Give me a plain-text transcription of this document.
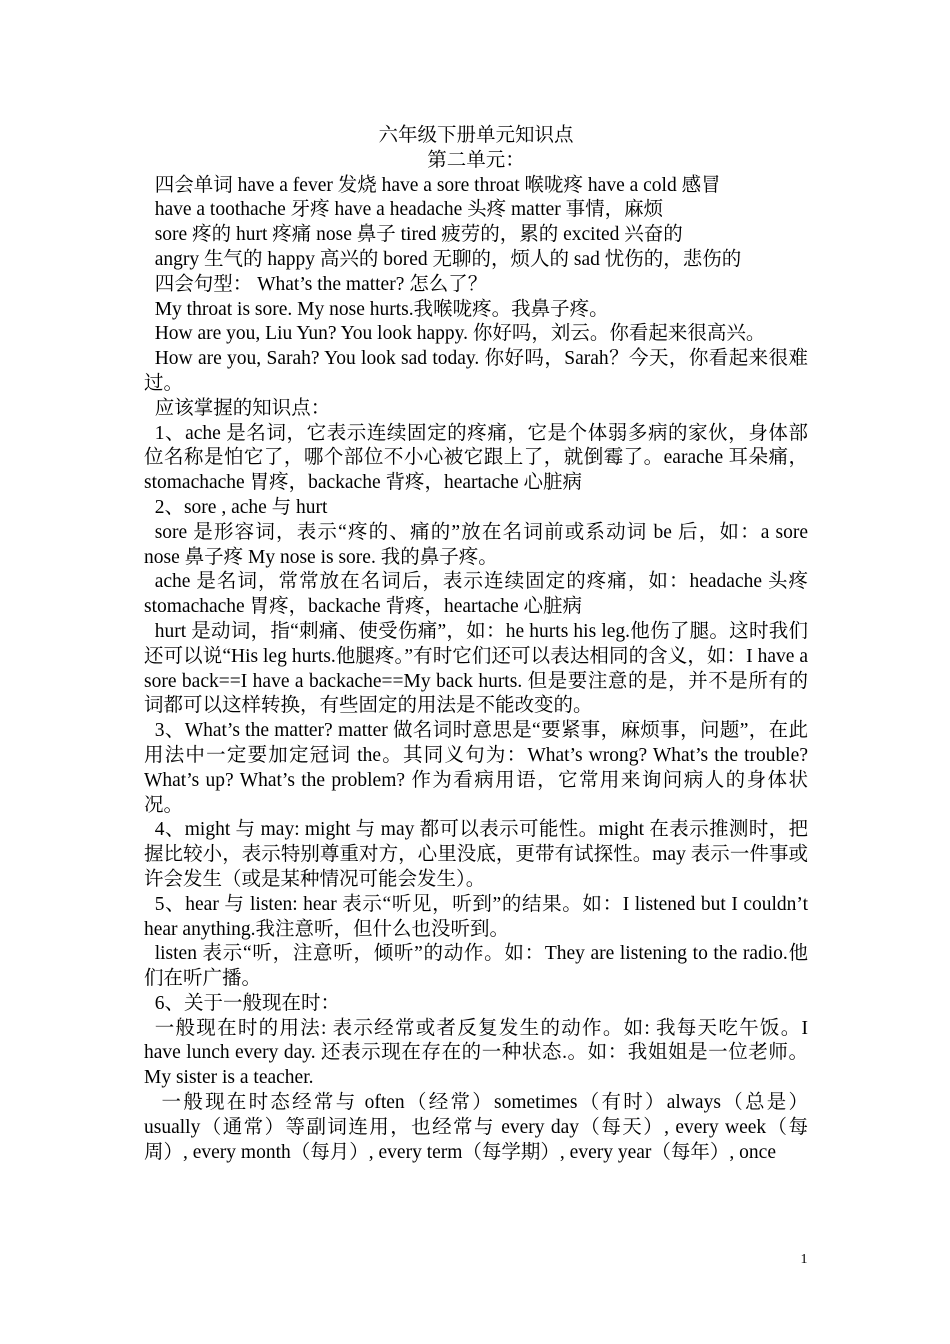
六年级下册单元知识点

第二单元：

四会单词 have a fever 发烧 have a sore throat 喉咙疼 have a cold 感冒

have a toothache 牙疼 have a headache 头疼 matter 事情，麻烦

sore 疼的 hurt 疼痛 nose 鼻子 tired 疲劳的，累的 excited 兴奋的

angry 生气的 happy 高兴的 bored 无聊的，烦人的 sad 忧伤的，悲伤的

四会句型： What’s the matter? 怎么了？

My throat is sore. My nose hurts.我喉咙疼。我鼻子疼。

How are you, Liu Yun? You look happy. 你好吗，刘云。你看起来很高兴。

How are you, Sarah? You look sad today. 你好吗，Sarah？今天，你看起来很难过。

应该掌握的知识点：

1、ache 是名词，它表示连续固定的疼痛，它是个体弱多病的家伙，身体部位名称是怕它了，哪个部位不小心被它跟上了，就倒霉了。earache 耳朵痛，stomachache 胃疼，backache 背疼，heartache 心脏病

2、sore , ache 与 hurt

sore 是形容词，表示“疼的、痛的”放在名词前或系动词 be 后，如：a sore nose 鼻子疼 My nose is sore. 我的鼻子疼。

ache 是名词，常常放在名词后，表示连续固定的疼痛，如：headache 头疼 stomachache 胃疼，backache 背疼，heartache 心脏病

hurt 是动词，指“刺痛、使受伤痛”，如：he hurts his leg.他伤了腿。这时我们还可以说“His leg hurts.他腿疼。”有时它们还可以表达相同的含义，如：I have a sore back==I have a backache==My back hurts. 但是要注意的是，并不是所有的词都可以这样转换，有些固定的用法是不能改变的。

3、What’s the matter? matter 做名词时意思是“要紧事，麻烦事，问题”，在此用法中一定要加定冠词 the。其同义句为：What’s wrong? What’s the trouble? What’s up? What’s the problem? 作为看病用语，它常用来询问病人的身体状况。

4、might 与 may: might 与 may 都可以表示可能性。might 在表示推测时，把握比较小，表示特别尊重对方，心里没底，更带有试探性。may 表示一件事或许会发生（或是某种情况可能会发生）。

5、hear 与 listen: hear 表示“听见，听到”的结果。如：I listened but I couldn’t hear anything.我注意听，但什么也没听到。

listen 表示“听，注意听，倾听”的动作。如：They are listening to the radio.他们在听广播。

6、关于一般现在时：

一般现在时的用法: 表示经常或者反复发生的动作。如: 我每天吃午饭。I have lunch every day. 还表示现在存在的一种状态.。如：我姐姐是一位老师。My sister is a teacher.

一般现在时态经常与 often（经常）sometimes（有时）always（总是）usually（通常）等副词连用，也经常与 every day（每天）, every week（每周）, every month（每月）, every term（每学期）, every year（每年）, once

1
